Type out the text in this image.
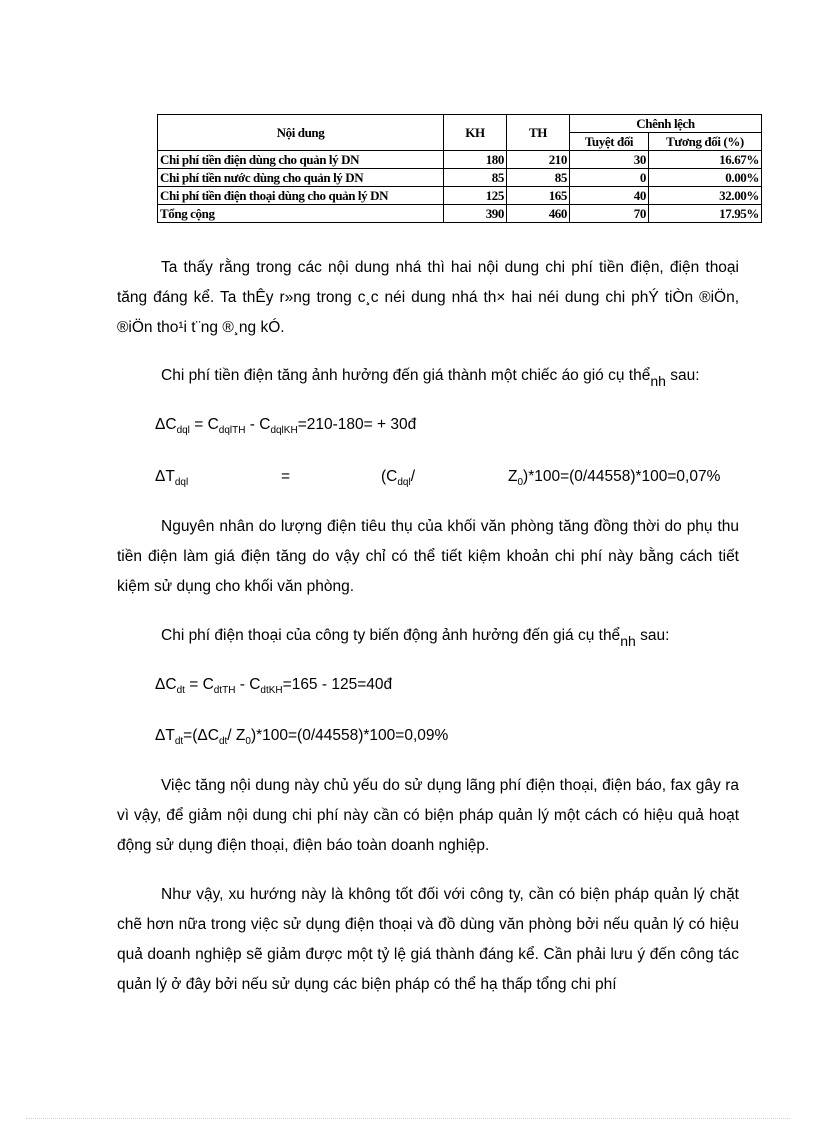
Nội dung	KH	TH	Chênh lệch	
			Tuyệt đối	Tương đối (%)
Chi phí tiền điện dùng cho quản lý DN	180	210	30	16.67%
Chi phí tiền nước dùng cho quản lý DN	85	85	0	0.00%
Chi phí tiền điện thoại dùng cho quản lý DN	125	165	40	32.00%
Tổng cộng	390	460	70	17.95%

Ta thấy rằng trong các nội dung nhá thì hai nội dung chi phí tiền điện, điện thoại tăng đáng kể. Ta thÊy r»ng trong c¸c néi dung nhá th× hai néi dung chi phÝ tiÒn ®iÖn, ®iÖn tho¹i t¨ng ®¸ng kÓ.

Chi phí tiền điện tăng ảnh hưởng đến giá thành một chiếc áo gió cụ thểnh sau:

$\Delta C_{dql} = C_{dqlTH} - C_{dqlKH}=210-180=$ + 30đ

$\Delta T_{dql}$	=	($C_{dql}/$	$Z_0)*100=(0/44558)*100=0,07\%$

Nguyên nhân do lượng điện tiêu thụ của khối văn phòng tăng đồng thời do phụ thu tiền điện làm giá điện tăng do vậy chỉ có thể tiết kiệm khoản chi phí này bằng cách tiết kiệm sử dụng cho khối văn phòng.

Chi phí điện thoại của công ty biến động ảnh hưởng đến giá cụ thểnh sau:

$\Delta C_{dt} = C_{dtTH} - C_{dtKH}=165$ - 125=40đ

$\Delta T_{dt}=(\Delta C_{dt}/$ $Z_0)*100=(0/44558)*100=0,09\%$

Việc tăng nội dung này chủ yếu do sử dụng lãng phí điện thoại, điện báo, fax gây ra vì vậy, để giảm nội dung chi phí này cần có biện pháp quản lý một cách có hiệu quả hoạt động sử dụng điện thoại, điện báo toàn doanh nghiệp.

Như vậy, xu hướng này là không tốt đối với công ty, cần có biện pháp quản lý chặt chẽ hơn nữa trong việc sử dụng điện thoại và đồ dùng văn phòng bởi nếu quản lý có hiệu quả doanh nghiệp sẽ giảm được một tỷ lệ giá thành đáng kể. Cần phải lưu ý đến công tác quản lý ở đây bởi nếu sử dụng các biện pháp có thể hạ thấp tổng chi phí
